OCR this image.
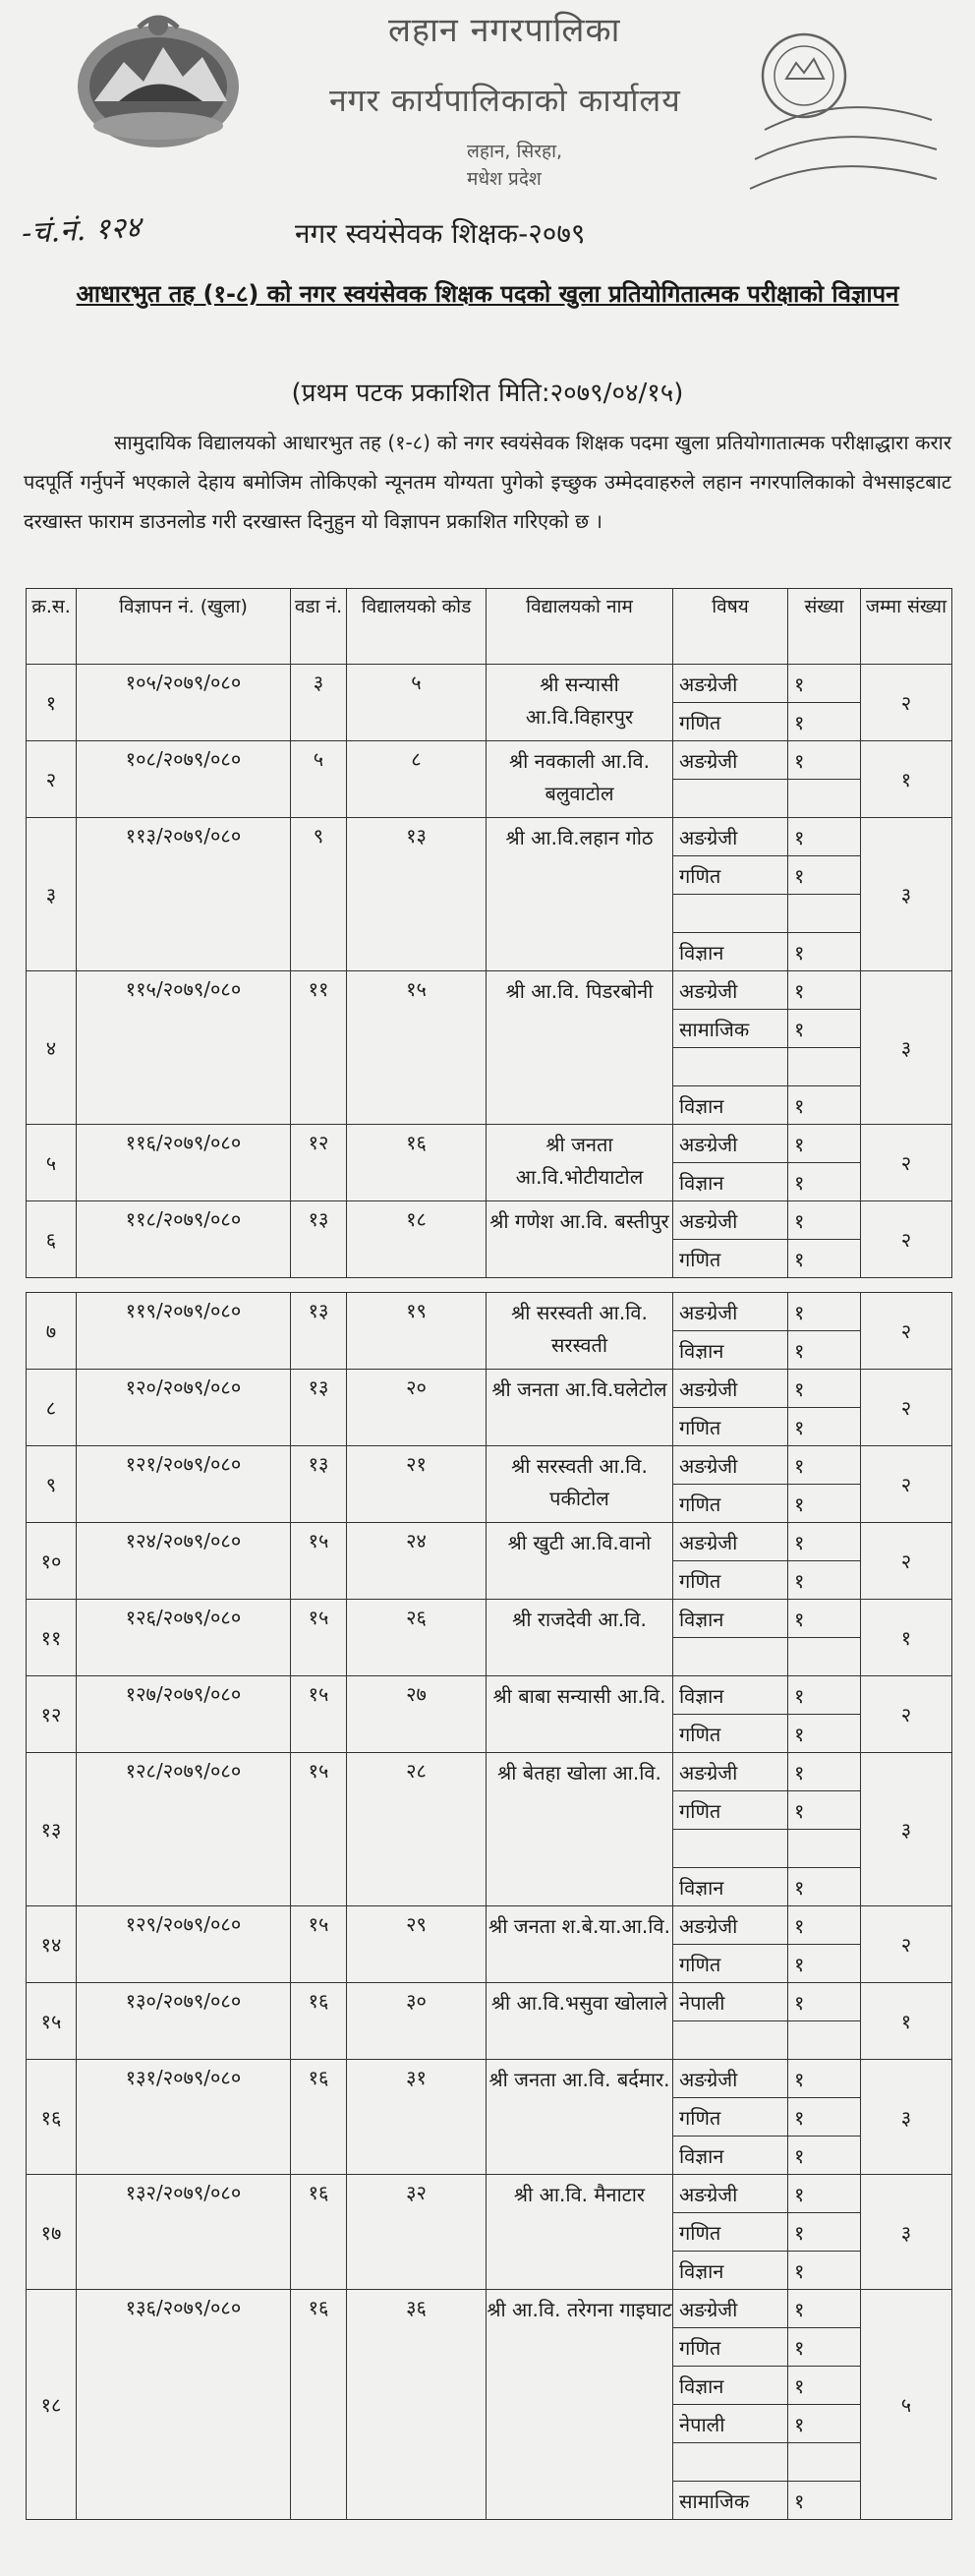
लहान नगरपालिका
नगर कार्यपालिकाको कार्यालय
लहान, सिरहा,
मधेश प्रदेश
-चं.नं. १२४	नगर स्वयंसेवक शिक्षक-२०७९
आधारभुत तह (१-८) को नगर स्वयंसेवक शिक्षक पदको खुला प्रतियोगितात्मक परीक्षाको विज्ञापन
(प्रथम पटक प्रकाशित मिति:२०७९/०४/१५)
सामुदायिक विद्यालयको आधारभुत तह (१-८) को नगर स्वयंसेवक शिक्षक पदमा खुला प्रतियोगातात्मक परीक्षाद्धारा करार पदपूर्ति गर्नुपर्ने भएकाले देहाय बमोजिम तोकिएको न्यूनतम योग्यता पुगेको इच्छुक उम्मेदवाहरुले लहान नगरपालिकाको वेभसाइटबाट दरखास्त फाराम डाउनलोड गरी दरखास्त दिनुहुन यो विज्ञापन प्रकाशित गरिएको छ ।
क्र.स.	विज्ञापन नं. (खुला)	वडा नं.	विद्यालयको कोड	विद्यालयको नाम	विषय	संख्या	जम्मा संख्या
१	१०५/२०७९/०८०	३	५	श्री सन्यासी आ.वि.विहारपुर	अङग्रेजी	१	२
					गणित	१	
२	१०८/२०७९/०८०	५	८	श्री नवकाली आ.वि. बलुवाटोल	अङग्रेजी	१	१

३	११३/२०७९/०८०	९	१३	श्री आ.वि.लहान गोठ	अङग्रेजी	१	३
					गणित	१	

					विज्ञान	१	
४	११५/२०७९/०८०	११	१५	श्री आ.वि. पिडरबोनी	अङग्रेजी	१	३
					सामाजिक	१	

					विज्ञान	१	
५	११६/२०७९/०८०	१२	१६	श्री जनता आ.वि.भोटीयाटोल	अङग्रेजी	१	२
					विज्ञान	१	
६	११८/२०७९/०८०	१३	१८	श्री गणेश आ.वि. बस्तीपुर	अङग्रेजी	१	२
					गणित	१	

७	११९/२०७९/०८०	१३	१९	श्री सरस्वती आ.वि. सरस्वती	अङग्रेजी	१	२
					विज्ञान	१	
८	१२०/२०७९/०८०	१३	२०	श्री जनता आ.वि.घलेटोल	अङग्रेजी	१	२
					गणित	१	
९	१२१/२०७९/०८०	१३	२१	श्री सरस्वती आ.वि. पकीटोल	अङग्रेजी	१	२
					गणित	१	
१०	१२४/२०७९/०८०	१५	२४	श्री खुटी आ.वि.वानो	अङग्रेजी	१	२
					गणित	१	
११	१२६/२०७९/०८०	१५	२६	श्री राजदेवी आ.वि.	विज्ञान	१	१

१२	१२७/२०७९/०८०	१५	२७	श्री बाबा सन्यासी आ.वि.	विज्ञान	१	२
					गणित	१	
१३	१२८/२०७९/०८०	१५	२८	श्री बेतहा खोला आ.वि.	अङग्रेजी	१	३
					गणित	१	

					विज्ञान	१	
१४	१२९/२०७९/०८०	१५	२९	श्री जनता श.बे.या.आ.वि.	अङग्रेजी	१	२
					गणित	१	
१५	१३०/२०७९/०८०	१६	३०	श्री आ.वि.भसुवा खोलाले	नेपाली	१	१

१६	१३१/२०७९/०८०	१६	३१	श्री जनता आ.वि. बर्दमार.	अङग्रेजी	१	३
					गणित	१	
					विज्ञान	१	
१७	१३२/२०७९/०८०	१६	३२	श्री आ.वि. मैनाटार	अङग्रेजी	१	३
					गणित	१	
					विज्ञान	१	
१८	१३६/२०७९/०८०	१६	३६	श्री आ.वि. तरेगना गाइघाट	अङग्रेजी	१	५
					गणित	१	
					विज्ञान	१	
					नेपाली	१	

					सामाजिक	१	
